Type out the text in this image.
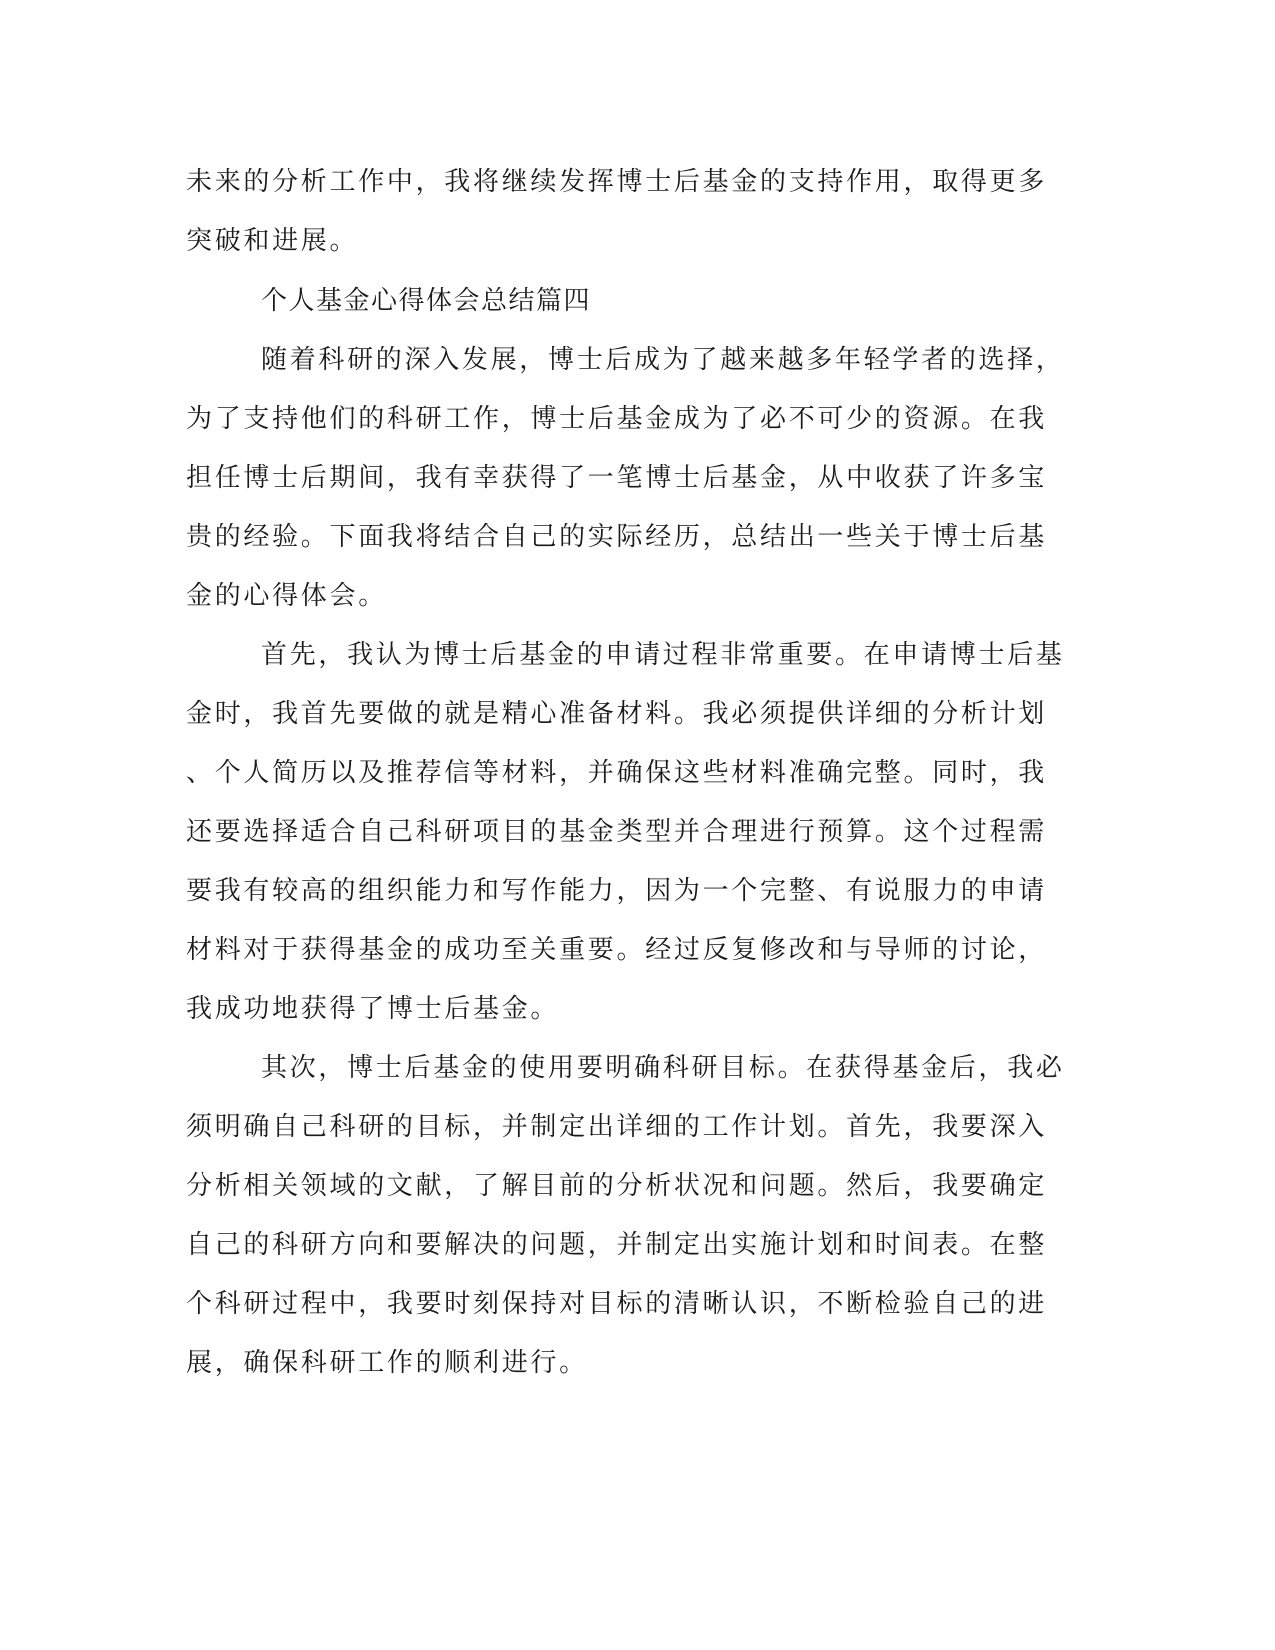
未来的分析工作中，我将继续发挥博士后基金的支持作用，取得更多
突破和进展。
个人基金心得体会总结篇四
随着科研的深入发展，博士后成为了越来越多年轻学者的选择，
为了支持他们的科研工作，博士后基金成为了必不可少的资源。在我
担任博士后期间，我有幸获得了一笔博士后基金，从中收获了许多宝
贵的经验。下面我将结合自己的实际经历，总结出一些关于博士后基
金的心得体会。
首先，我认为博士后基金的申请过程非常重要。在申请博士后基
金时，我首先要做的就是精心准备材料。我必须提供详细的分析计划
、个人简历以及推荐信等材料，并确保这些材料准确完整。同时，我
还要选择适合自己科研项目的基金类型并合理进行预算。这个过程需
要我有较高的组织能力和写作能力，因为一个完整、有说服力的申请
材料对于获得基金的成功至关重要。经过反复修改和与导师的讨论，
我成功地获得了博士后基金。
其次，博士后基金的使用要明确科研目标。在获得基金后，我必
须明确自己科研的目标，并制定出详细的工作计划。首先，我要深入
分析相关领域的文献，了解目前的分析状况和问题。然后，我要确定
自己的科研方向和要解决的问题，并制定出实施计划和时间表。在整
个科研过程中，我要时刻保持对目标的清晰认识，不断检验自己的进
展，确保科研工作的顺利进行。
